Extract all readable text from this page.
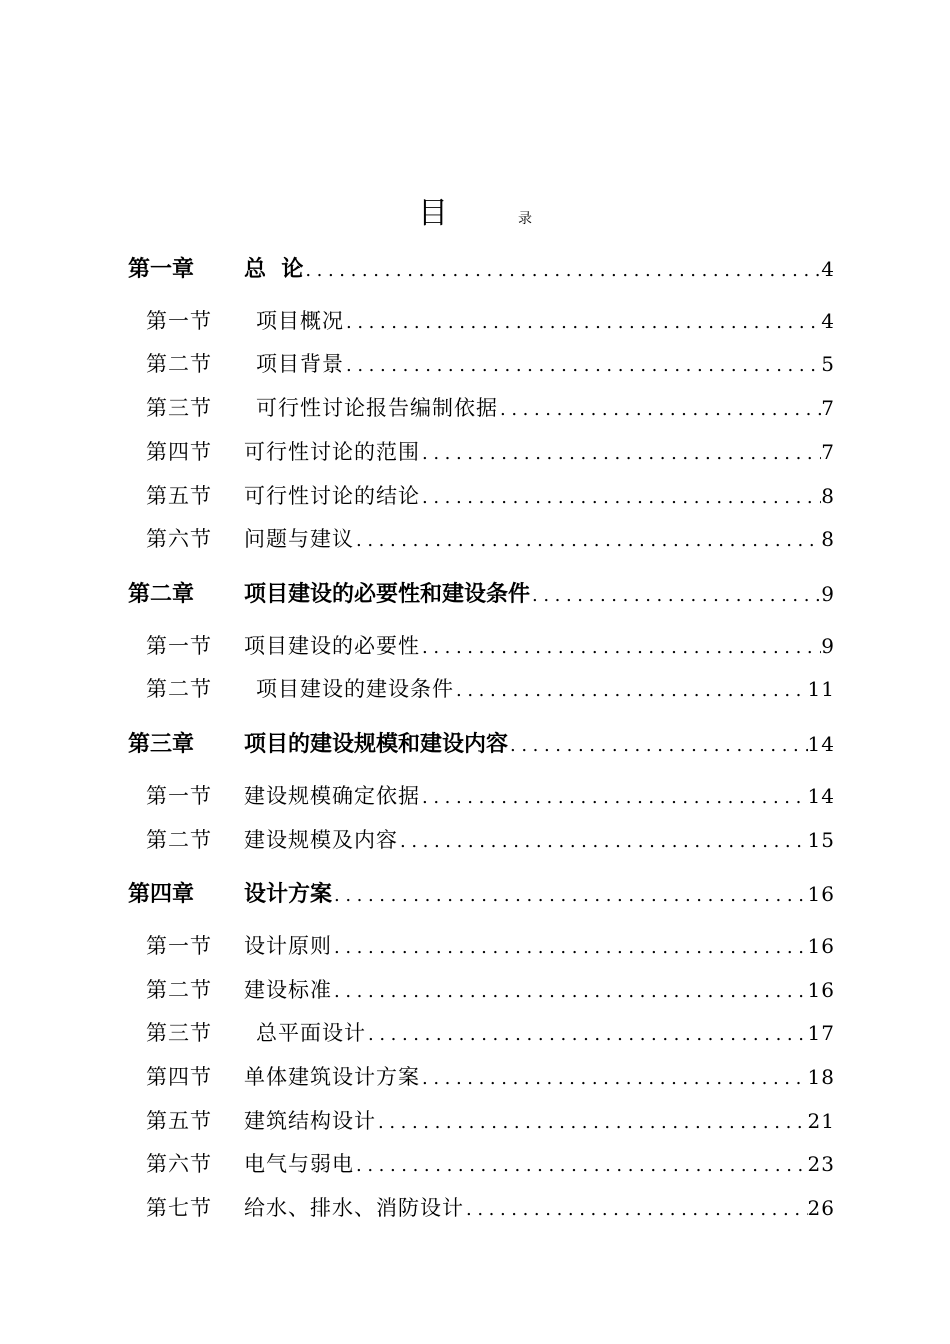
目	录
第一章	总  论 .....	4
第一节 项目概况 .....	4
第二节 项目背景 .....	5
第三节 可行性讨论报告编制依据 .....	7
第四节 可行性讨论的范围 .....	7
第五节 可行性讨论的结论 .....	8
第六节 问题与建议 .....	8
第二章	项目建设的必要性和建设条件 .....	9
第一节 项目建设的必要性 .....	9
第二节 项目建设的建设条件 .....	11
第三章	项目的建设规模和建设内容 .....	14
第一节 建设规模确定依据 .....	14
第二节 建设规模及内容 .....	15
第四章	设计方案 .....	16
第一节 设计原则 .....	16
第二节 建设标准 .....	16
第三节 总平面设计 .....	17
第四节 单体建筑设计方案 .....	18
第五节 建筑结构设计 .....	21
第六节 电气与弱电 .....	23
第七节 给水、排水、消防设计 .....	26
